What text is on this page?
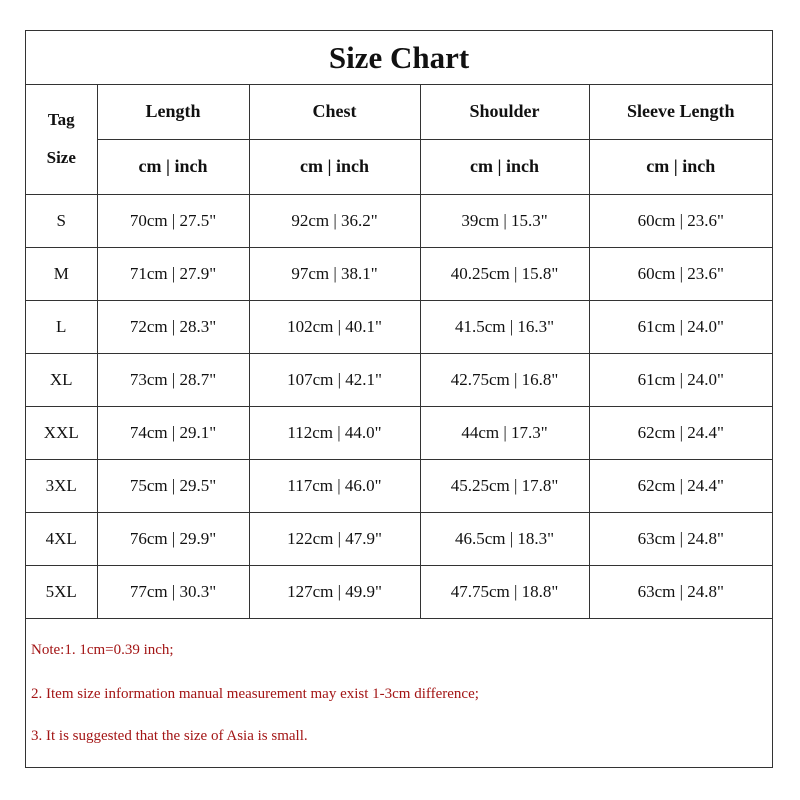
Size Chart
Tag
Size	Length	Chest	Shoulder	Sleeve Length
	cm | inch	cm | inch	cm | inch	cm | inch
S	70cm | 27.5"	92cm | 36.2"	39cm | 15.3"	60cm | 23.6"
M	71cm | 27.9"	97cm | 38.1"	40.25cm | 15.8"	60cm | 23.6"
L	72cm | 28.3"	102cm | 40.1"	41.5cm | 16.3"	61cm | 24.0"
XL	73cm | 28.7"	107cm | 42.1"	42.75cm | 16.8"	61cm | 24.0"
XXL	74cm | 29.1"	112cm | 44.0"	44cm | 17.3"	62cm | 24.4"
3XL	75cm | 29.5"	117cm | 46.0"	45.25cm | 17.8"	62cm | 24.4"
4XL	76cm | 29.9"	122cm | 47.9"	46.5cm | 18.3"	63cm | 24.8"
5XL	77cm | 30.3"	127cm | 49.9"	47.75cm | 18.8"	63cm | 24.8"
Note:1. 1cm=0.39 inch;
2. Item size information manual measurement may exist 1-3cm difference;
3. It is suggested that the size of Asia is small.
